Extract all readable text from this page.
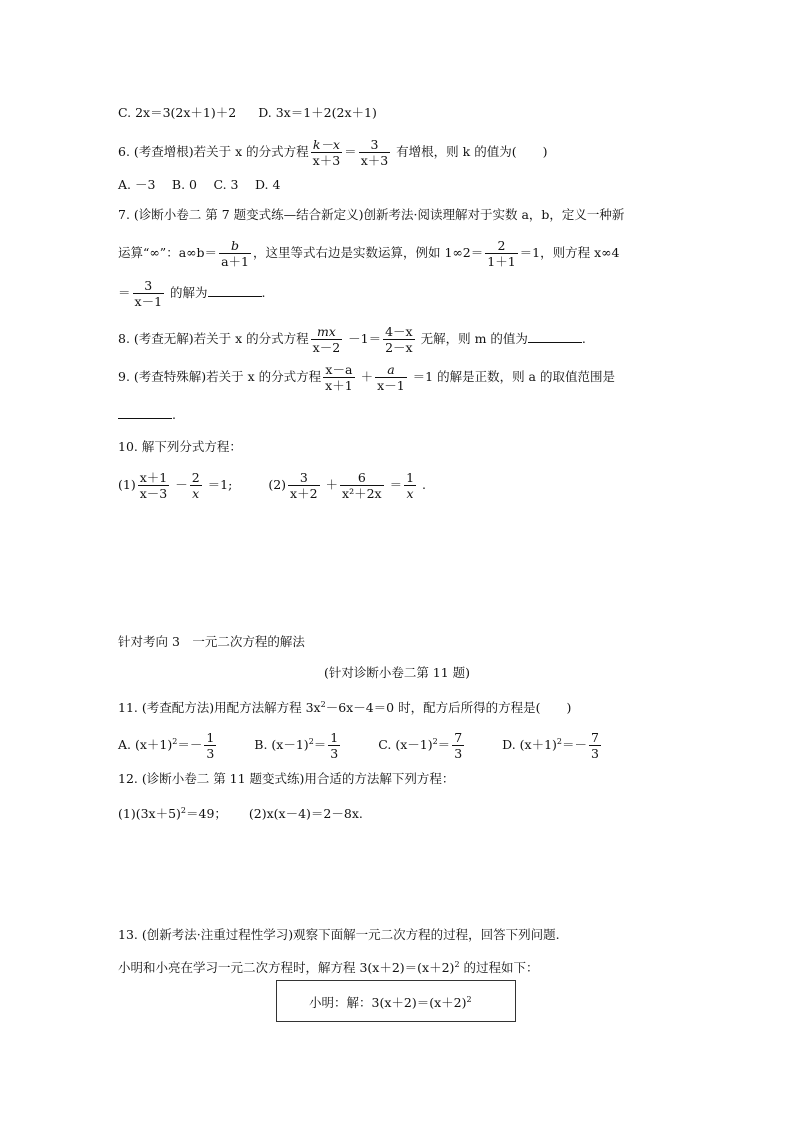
C. 2x＝3(2x＋1)＋2 D. 3x＝1＋2(2x＋1)
6. (考查增根)若关于 x 的分式方程 $\frac{k-x}{x+3} = \frac{3}{x+3}$ 有增根，则 k 的值为( )
A. －3　 B. 0　 C. 3　 D. 4
7. (诊断小卷二 第 7 题变式练—结合新定义)创新考法·阅读理解对于实数 a，b，定义一种新
运算“∞”：$a\infty b= \frac{b}{a+1}$ ，这里等式右边是实数运算，例如 $1\infty 2= \frac{2}{1+1} =1$，则方程 x∞4
＝ $\frac{3}{x-1}$ 的解为	.
8. (考查无解)若关于 x 的分式方程 $\frac{mx}{x-2} -1= \frac{4-x}{2-x}$ 无解，则 m 的值为	.
9. (考查特殊解)若关于 x 的分式方程 $\frac{x-a}{x+1} + \frac{a}{x-1} =1$ 的解是正数，则 a 的取值范围是
.
10. 解下列分式方程：
$(1) \frac{x+1}{x-3} - \frac{2}{x} =1$;	$(2) \frac{3}{x+2} + \frac{6}{\text{x²＋2x}} = \frac{1}{x}$ .
针对考向 3　一元二次方程的解法
(针对诊断小卷二第 11 题)
11. (考查配方法)用配方法解方程 $3x^2-6x-4=0$ 时，配方后所得的方程是( )
A. $(x+1)^2=- \frac{1}{3}$	B. $(x-1)^2= \frac{1}{3}$	C. $(x-1)^2= \frac{7}{3}$	D. $(x+1)^2=- \frac{7}{3}$
12. (诊断小卷二 第 11 题变式练)用合适的方法解下列方程：
$(1)(3x+5)^2=49$； (2)x(x－4)＝2－8x.
13. (创新考法·注重过程性学习)观察下面解一元二次方程的过程，回答下列问题.
小明和小亮在学习一元二次方程时，解方程 $3(x+2)=(x+2)^2$ 的过程如下：
小明：解：$3(x+2)=(x+2)^2$
